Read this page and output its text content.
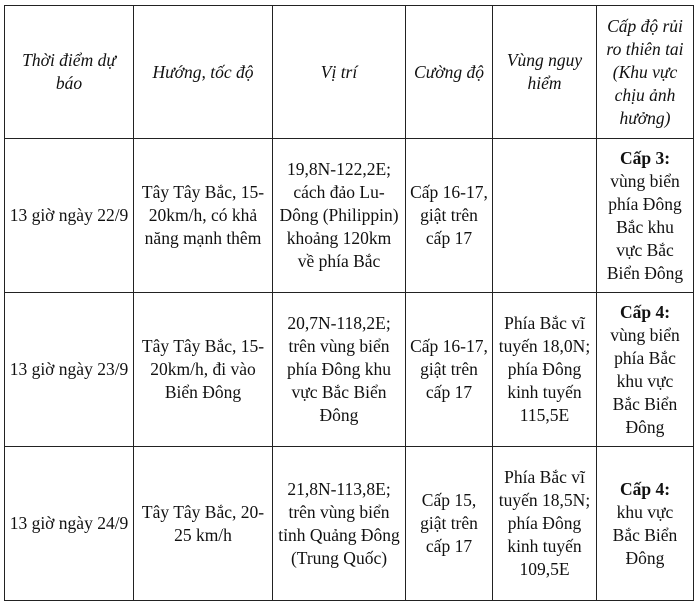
Thời điểm dự báo	Hướng, tốc độ	Vị trí	Cường độ	Vùng nguy hiểm	Cấp độ rủi ro thiên tai (Khu vực chịu ảnh hưởng)
13 giờ ngày 22/9	Tây Tây Bắc, 15-20km/h, có khả năng mạnh thêm	19,8N-122,2E; cách đảo Lu-Dông (Philippin) khoảng 120km về phía Bắc	Cấp 16-17, giật trên cấp 17		Cấp 3:
vùng biển phía Đông Bắc khu vực Bắc Biển Đông

13 giờ ngày 23/9	Tây Tây Bắc, 15-20km/h, đi vào Biển Đông	20,7N-118,2E; trên vùng biển phía Đông khu vực Bắc Biển Đông	Cấp 16-17, giật trên cấp 17	Phía Bắc vĩ tuyến 18,0N; phía Đông kinh tuyến 115,5E	Cấp 4:
vùng biển phía Bắc khu vực Bắc Biển Đông

13 giờ ngày 24/9	Tây Tây Bắc, 20-25 km/h	21,8N-113,8E; trên vùng biển tỉnh Quảng Đông (Trung Quốc)	Cấp 15, giật trên cấp 17	Phía Bắc vĩ tuyến 18,5N; phía Đông kinh tuyến 109,5E	Cấp 4:
khu vực Bắc Biển Đông
